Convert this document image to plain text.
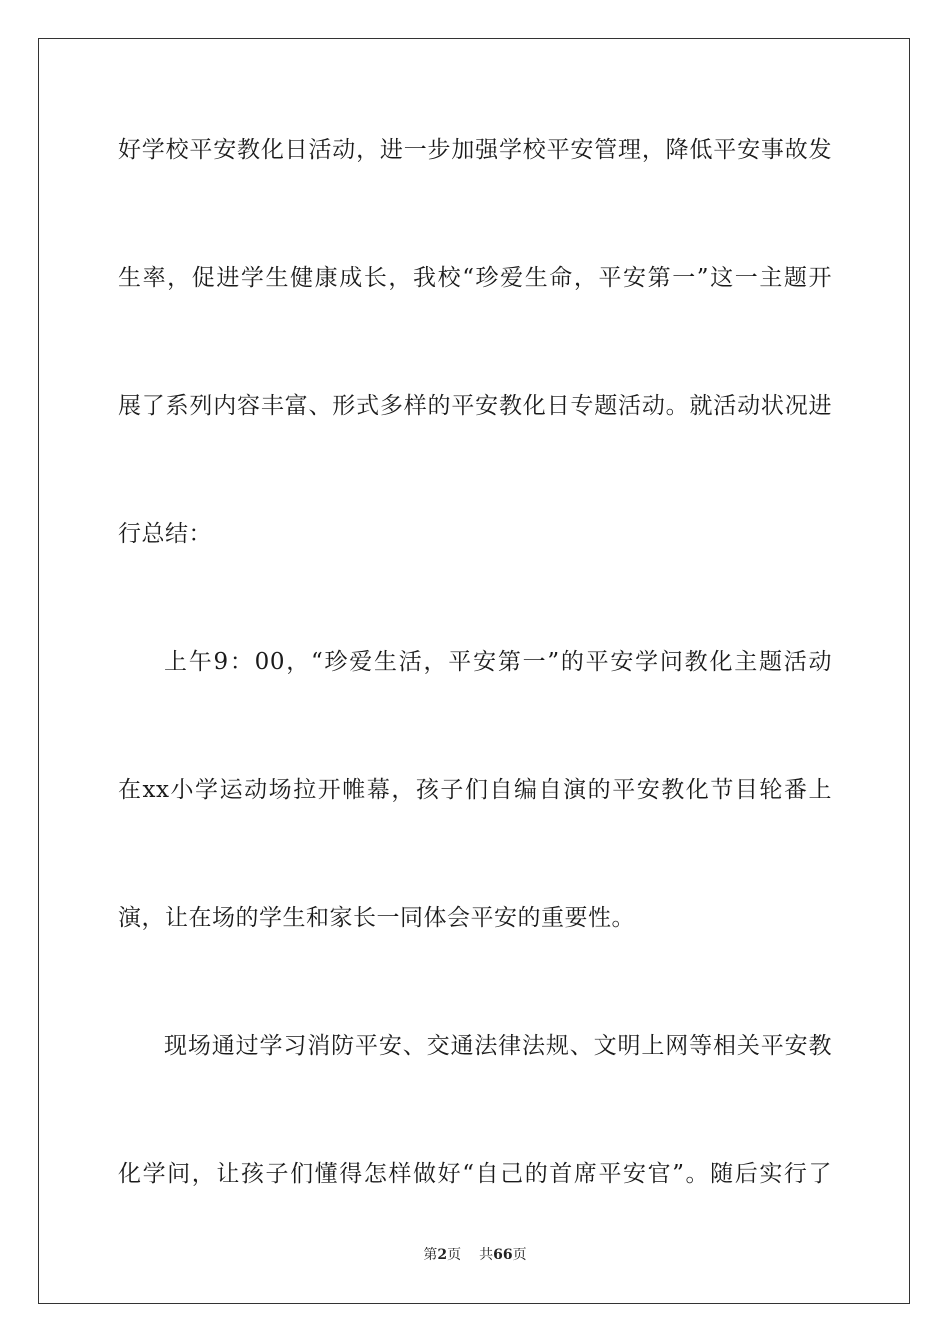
好学校平安教化日活动，进一步加强学校平安管理，降低平安事故发
生率，促进学生健康成长，我校“珍爱生命，平安第一”这一主题开
展了系列内容丰富、形式多样的平安教化日专题活动。就活动状况进
行总结：
上午9：00，“珍爱生活，平安第一”的平安学问教化主题活动
在xx小学运动场拉开帷幕，孩子们自编自演的平安教化节目轮番上
演，让在场的学生和家长一同体会平安的重要性。
现场通过学习消防平安、交通法律法规、文明上网等相关平安教
化学问，让孩子们懂得怎样做好“自己的首席平安官”。随后实行了
第2页 共66页
